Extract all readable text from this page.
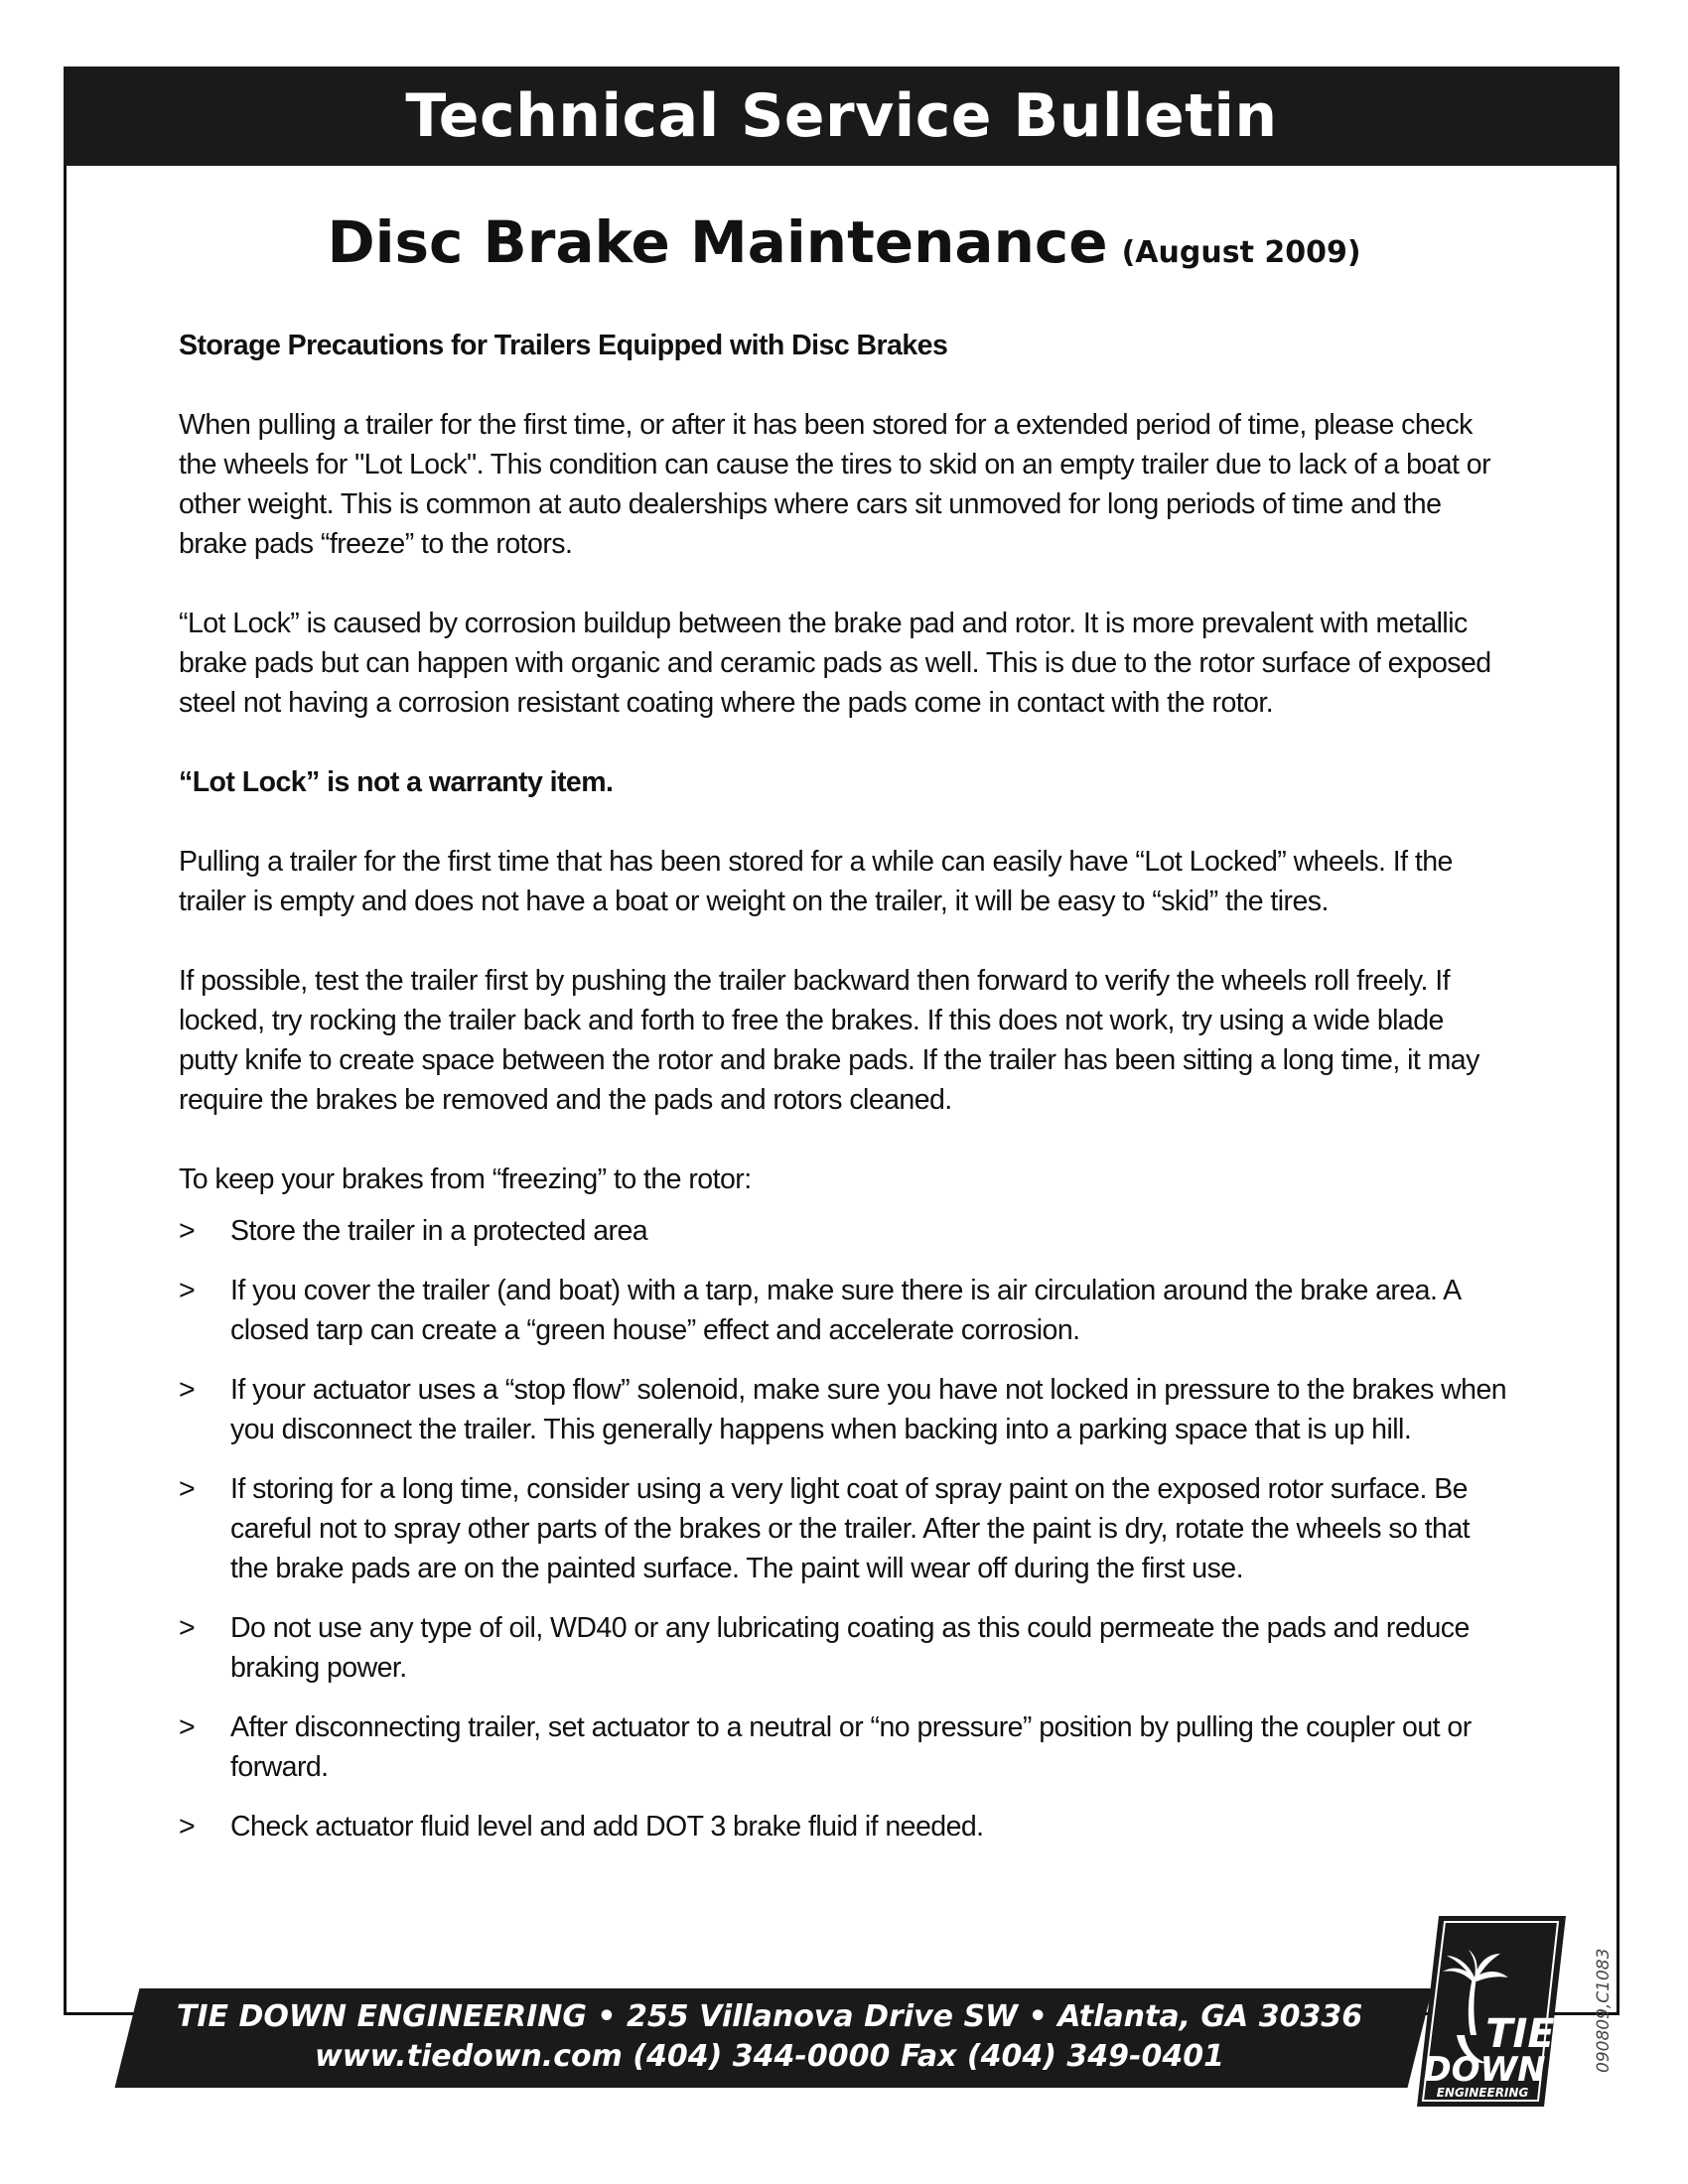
Technical Service Bulletin
Disc Brake Maintenance (August 2009)

Storage Precautions for Trailers Equipped with Disc Brakes

When pulling a trailer for the first time, or after it has been stored for a extended period of time, please check the wheels for "Lot Lock". This condition can cause the tires to skid on an empty trailer due to lack of a boat or other weight. This is common at auto dealerships where cars sit unmoved for long periods of time and the brake pads “freeze” to the rotors.

“Lot Lock” is caused by corrosion buildup between the brake pad and rotor. It is more prevalent with metallic brake pads but can happen with organic and ceramic pads as well. This is due to the rotor surface of exposed steel not having a corrosion resistant coating where the pads come in contact with the rotor.

“Lot Lock” is not a warranty item.

Pulling a trailer for the first time that has been stored for a while can easily have “Lot Locked” wheels. If the trailer is empty and does not have a boat or weight on the trailer, it will be easy to “skid” the tires.

If possible, test the trailer first by pushing the trailer backward then forward to verify the wheels roll freely. If locked, try rocking the trailer back and forth to free the brakes. If this does not work, try using a wide blade putty knife to create space between the rotor and brake pads. If the trailer has been sitting a long time, it may require the brakes be removed and the pads and rotors cleaned.

To keep your brakes from “freezing” to the rotor:

>	Store the trailer in a protected area
>	If you cover the trailer (and boat) with a tarp, make sure there is air circulation around the brake area. A closed tarp can create a “green house” effect and accelerate corrosion.
>	If your actuator uses a “stop flow” solenoid, make sure you have not locked in pressure to the brakes when you disconnect the trailer. This generally happens when backing into a parking space that is up hill.
>	If storing for a long time, consider using a very light coat of spray paint on the exposed rotor surface. Be careful not to spray other parts of the brakes or the trailer. After the paint is dry, rotate the wheels so that the brake pads are on the painted surface. The paint will wear off during the first use.
>	Do not use any type of oil, WD40 or any lubricating coating as this could permeate the pads and reduce braking power.
>	After disconnecting trailer, set actuator to a neutral or “no pressure” position by pulling the coupler out or forward.
>	Check actuator fluid level and add DOT 3 brake fluid if needed.
TIE DOWN ENGINEERING • 255 Villanova Drive SW • Atlanta, GA 30336
www.tiedown.com (404) 344-0000 Fax (404) 349-0401	TIE
DOWN
ENGINEERING
090809,C1083
